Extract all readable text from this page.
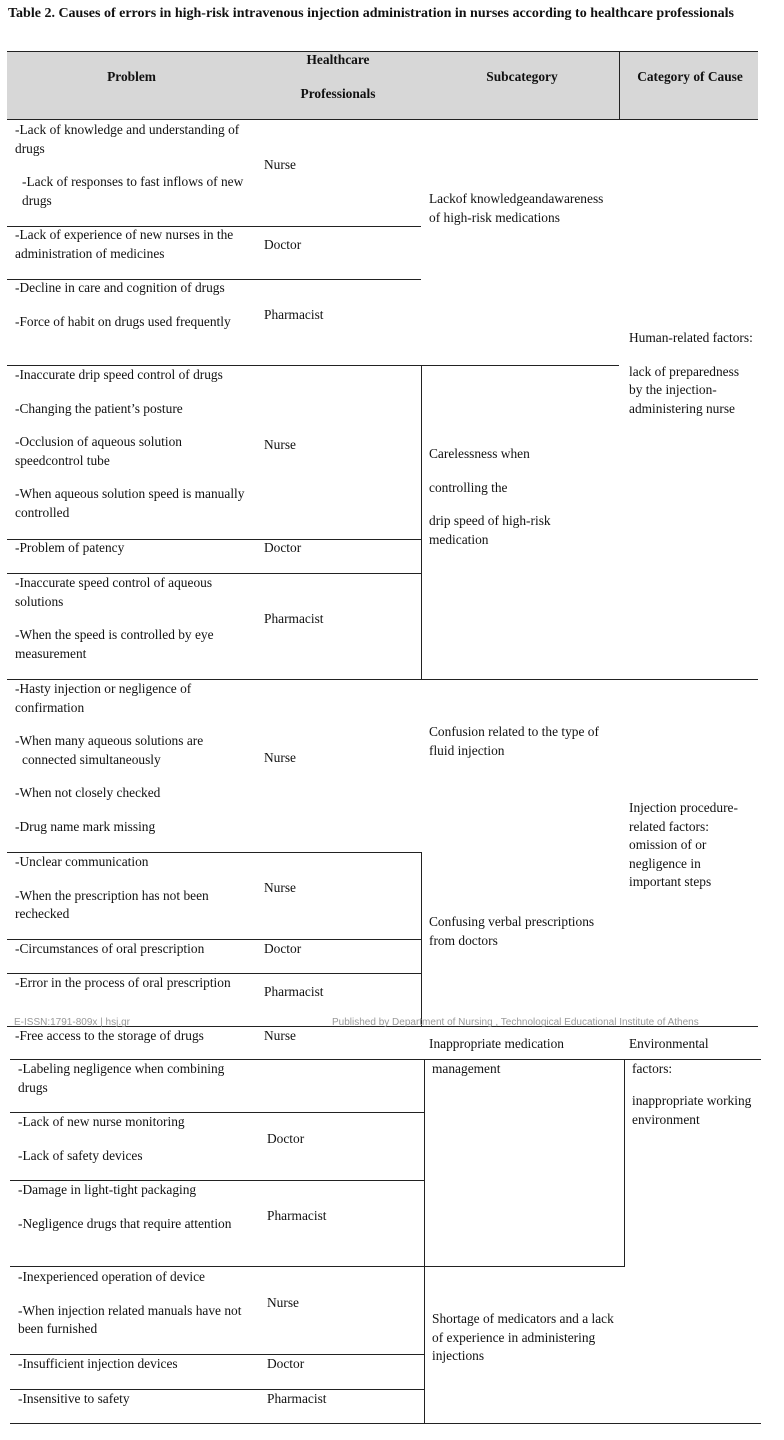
Table 2. Causes of errors in high-risk intravenous injection administration in nurses according to healthcare professionals
Problem
Healthcare
Professionals
Subcategory	Category of Cause
-Lack of knowledge and understanding of drugs
-Lack of responses to fast inflows of new drugs
-Lack of experience of new nurses in the administration of medicines
-Decline in care and cognition of drugs
-Force of habit on drugs used frequently
-Inaccurate drip speed control of drugs
-Changing the patient’s posture
-Occlusion of aqueous solution speedcontrol tube
-When aqueous solution speed is manually controlled
-Problem of patency
-Inaccurate speed control of aqueous solutions
-When the speed is controlled by eye measurement
-Hasty injection or negligence of confirmation
-When many aqueous solutions are connected simultaneously
-When not closely checked
-Drug name mark missing
-Unclear communication
-When the prescription has not been rechecked
-Circumstances of oral prescription
-Error in the process of oral prescription
-Free access to the storage of drugs
-Labeling negligence when combining drugs
-Lack of new nurse monitoring
-Lack of safety devices
-Damage in light-tight packaging
-Negligence drugs that require attention
-Inexperienced operation of device
-When injection related manuals have not been furnished
-Insufficient injection devices
-Insensitive to safety
Nurse
Doctor
Pharmacist
Nurse
Doctor
Pharmacist
Nurse
Nurse
Doctor
Pharmacist
Nurse
Doctor
Pharmacist
Nurse
Doctor
Pharmacist
Lackof knowledgeandawareness of high-risk medications
Carelessness when
controlling the
drip speed of high-risk medication
Confusion related to the type of fluid injection
Confusing verbal prescriptions from doctors
Inappropriate medication
management
Shortage of medicators and a lack of experience in administering injections
Human-related factors:
lack of preparedness by the injection-administering nurse
Injection procedure-related factors: omission of or negligence in important steps
Environmental
factors:
inappropriate working environment
E-ISSN:1791-809x | hsj.gr	Published by Department of Nursing , Technological Educational Institute of Athens
